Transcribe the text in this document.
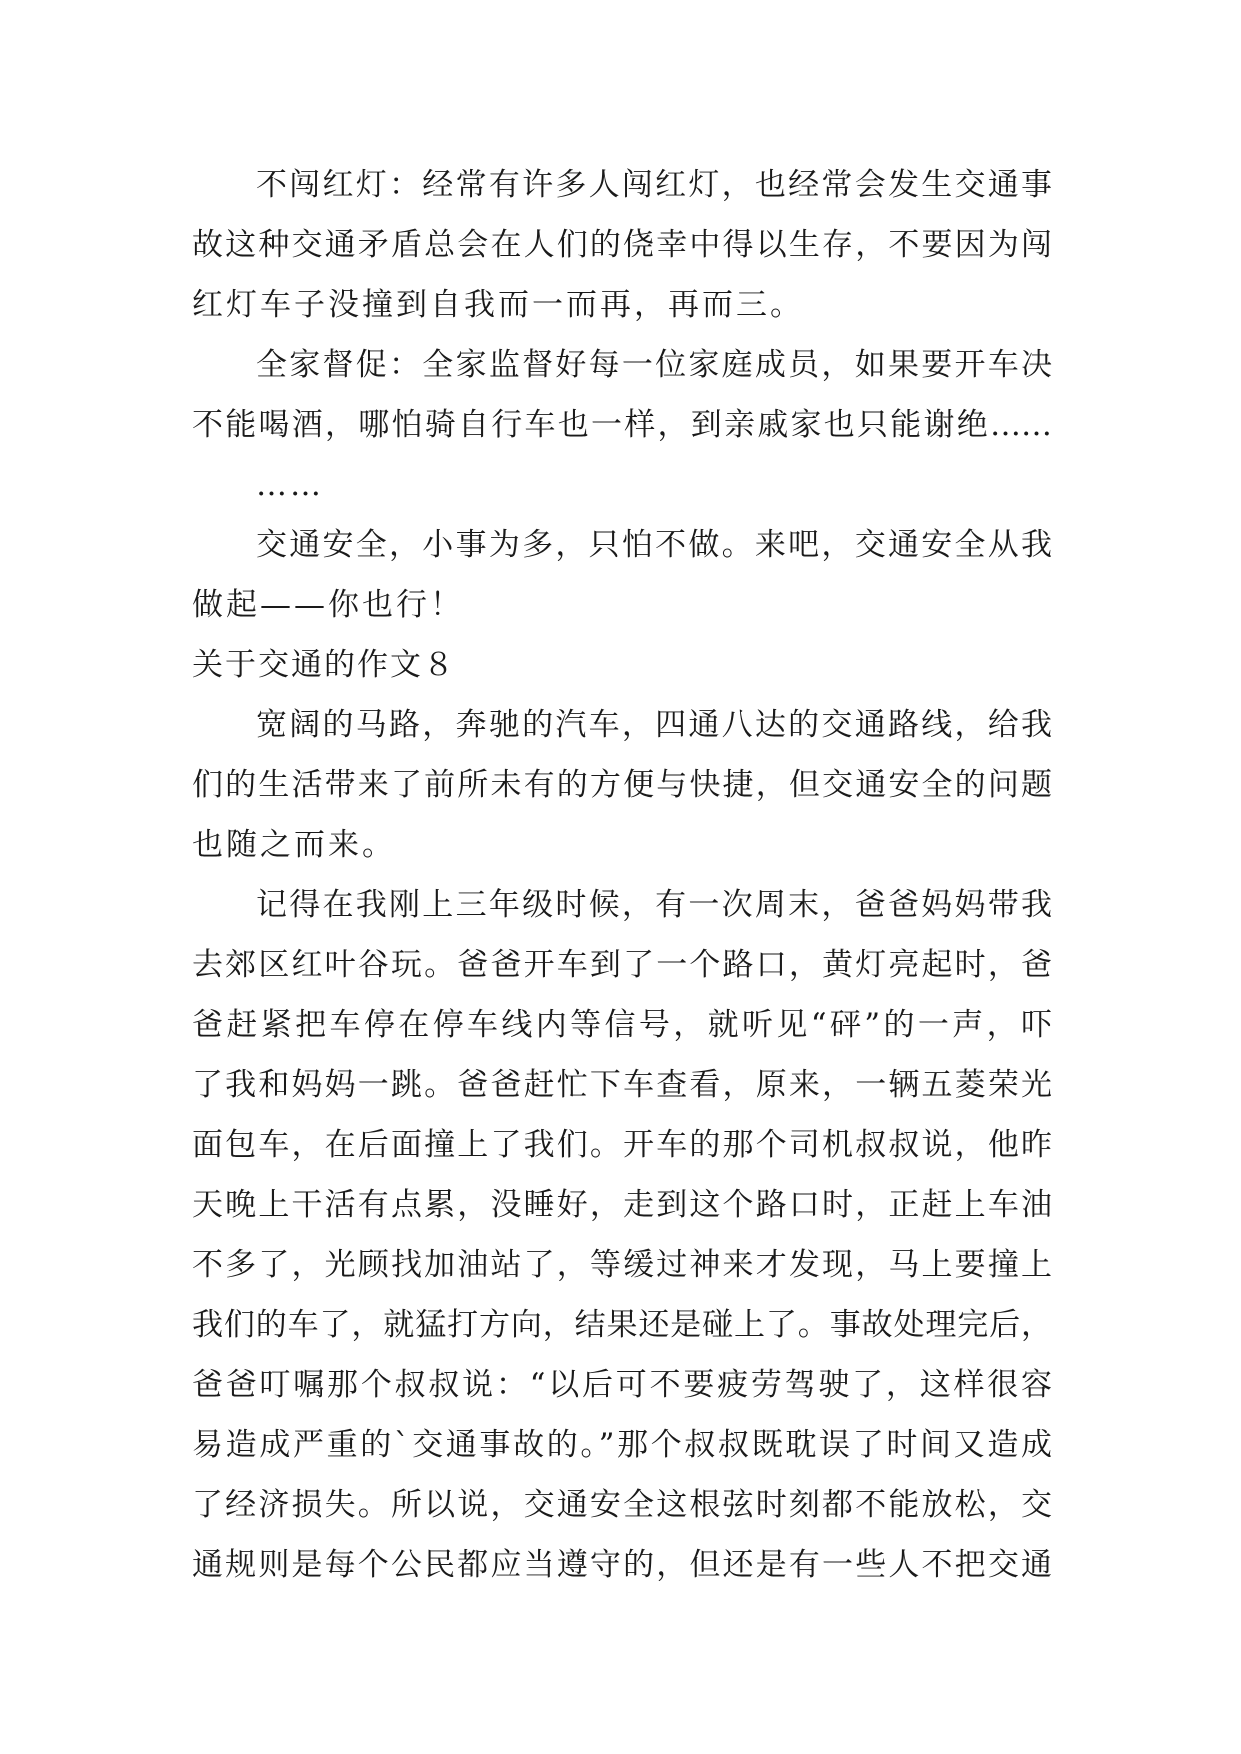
不闯红灯：经常有许多人闯红灯，也经常会发生交通事
故这种交通矛盾总会在人们的侥幸中得以生存，不要因为闯
红灯车子没撞到自我而一而再，再而三。
全家督促：全家监督好每一位家庭成员，如果要开车决
不能喝酒，哪怕骑自行车也一样，到亲戚家也只能谢绝……
……
交通安全，小事为多，只怕不做。来吧，交通安全从我
做起——你也行！
关于交通的作文８
宽阔的马路，奔驰的汽车，四通八达的交通路线，给我
们的生活带来了前所未有的方便与快捷，但交通安全的问题
也随之而来。
记得在我刚上三年级时候，有一次周末，爸爸妈妈带我
去郊区红叶谷玩。爸爸开车到了一个路口，黄灯亮起时，爸
爸赶紧把车停在停车线内等信号，就听见“砰”的一声，吓
了我和妈妈一跳。爸爸赶忙下车查看，原来，一辆五菱荣光
面包车，在后面撞上了我们。开车的那个司机叔叔说，他昨
天晚上干活有点累，没睡好，走到这个路口时，正赶上车油
不多了，光顾找加油站了，等缓过神来才发现，马上要撞上
我们的车了，就猛打方向，结果还是碰上了。事故处理完后，
爸爸叮嘱那个叔叔说：“以后可不要疲劳驾驶了，这样很容
易造成严重的`交通事故的。”那个叔叔既耽误了时间又造成
了经济损失。所以说，交通安全这根弦时刻都不能放松，交
通规则是每个公民都应当遵守的，但还是有一些人不把交通
